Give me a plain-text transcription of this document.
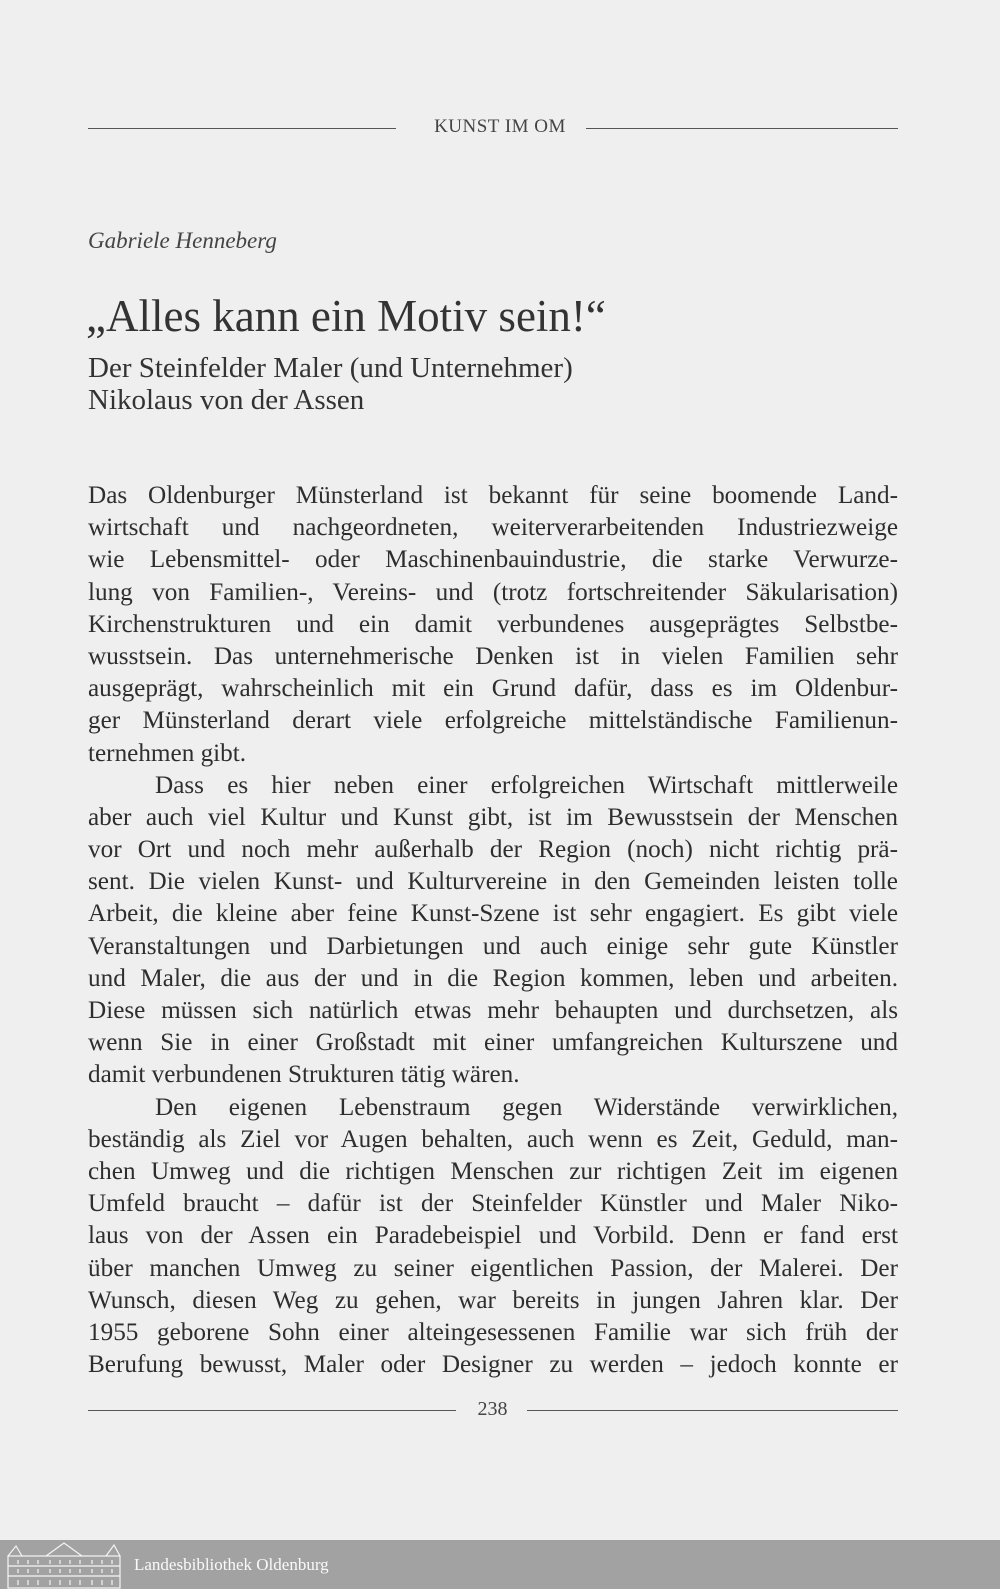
KUNST IM OM
Gabriele Henneberg
„Alles kann ein Motiv sein!“
Der Steinfelder Maler (und Unternehmer)
Nikolaus von der Assen
Das Oldenburger Münsterland ist bekannt für seine boomende Land-
wirtschaft und nachgeordneten, weiterverarbeitenden Industriezweige
wie Lebensmittel- oder Maschinenbauindustrie, die starke Verwurze-
lung von Familien-, Vereins- und (trotz fortschreitender Säkularisation)
Kirchenstrukturen und ein damit verbundenes ausgeprägtes Selbstbe-
wusstsein. Das unternehmerische Denken ist in vielen Familien sehr
ausgeprägt, wahrscheinlich mit ein Grund dafür, dass es im Oldenbur-
ger Münsterland derart viele erfolgreiche mittelständische Familienun-
ternehmen gibt.
Dass es hier neben einer erfolgreichen Wirtschaft mittlerweile
aber auch viel Kultur und Kunst gibt, ist im Bewusstsein der Menschen
vor Ort und noch mehr außerhalb der Region (noch) nicht richtig prä-
sent. Die vielen Kunst- und Kulturvereine in den Gemeinden leisten tolle
Arbeit, die kleine aber feine Kunst-Szene ist sehr engagiert. Es gibt viele
Veranstaltungen und Darbietungen und auch einige sehr gute Künstler
und Maler, die aus der und in die Region kommen, leben und arbeiten.
Diese müssen sich natürlich etwas mehr behaupten und durchsetzen, als
wenn Sie in einer Großstadt mit einer umfangreichen Kulturszene und
damit verbundenen Strukturen tätig wären.
Den eigenen Lebenstraum gegen Widerstände verwirklichen,
beständig als Ziel vor Augen behalten, auch wenn es Zeit, Geduld, man-
chen Umweg und die richtigen Menschen zur richtigen Zeit im eigenen
Umfeld braucht – dafür ist der Steinfelder Künstler und Maler Niko-
laus von der Assen ein Paradebeispiel und Vorbild. Denn er fand erst
über manchen Umweg zu seiner eigentlichen Passion, der Malerei. Der
Wunsch, diesen Weg zu gehen, war bereits in jungen Jahren klar. Der
1955 geborene Sohn einer alteingesessenen Familie war sich früh der
Berufung bewusst, Maler oder Designer zu werden – jedoch konnte er
238
Landesbibliothek Oldenburg
